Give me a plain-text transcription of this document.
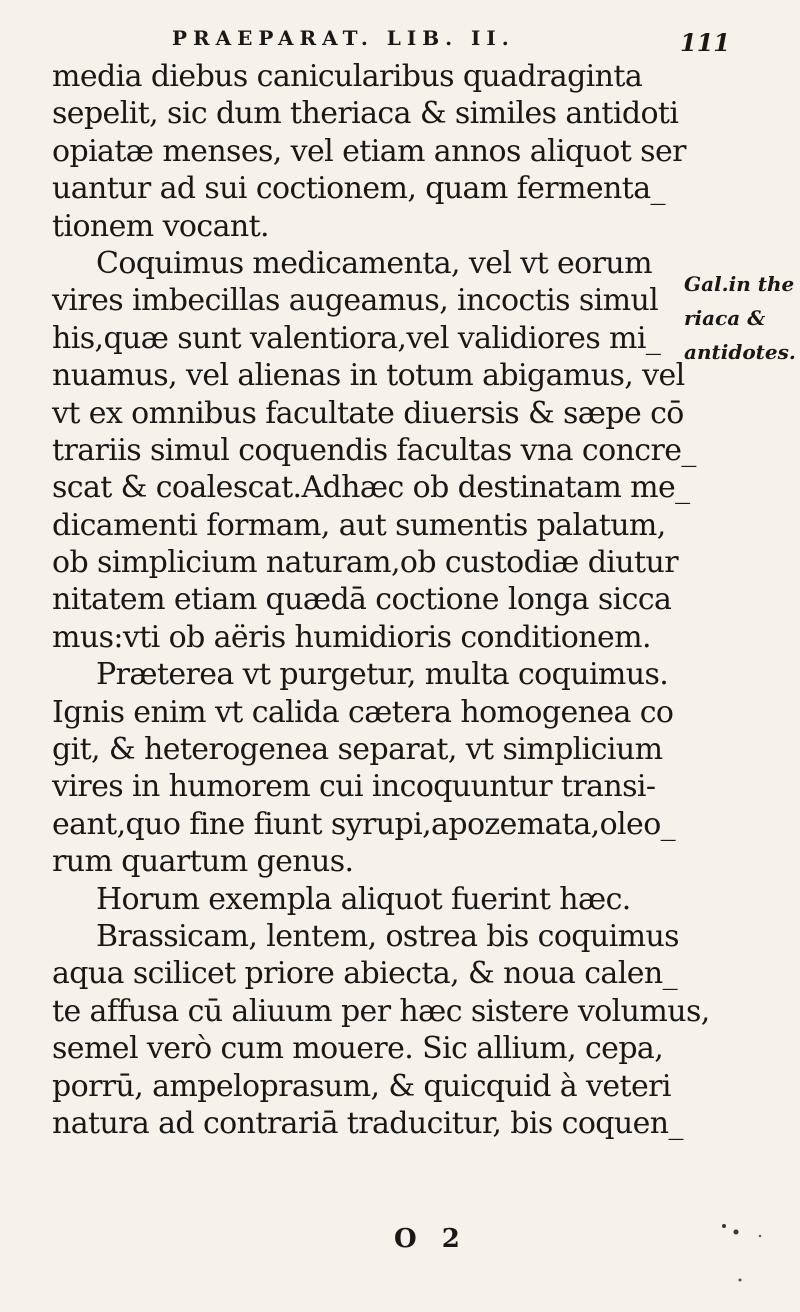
PRAEPARAT. LIB. II.	111
media diebus canicularibus quadraginta
sepelit, sic dum theriaca & similes antidoti
opiatæ menses, vel etiam annos aliquot ser
uantur ad sui coctionem, quam fermenta_
tionem vocant.
Coquimus medicamenta, vel vt eorum
vires imbecillas augeamus, incoctis simul
his,quæ sunt valentiora,vel validiores mi_
nuamus, vel alienas in totum abigamus, vel
vt ex omnibus facultate diuersis & sæpe cō
trariis simul coquendis facultas vna concre_
scat & coalescat.Adhæc ob destinatam me_
dicamenti formam, aut sumentis palatum,
ob simplicium naturam,ob custodiæ diutur
nitatem etiam quædā coctione longa sicca
mus:vti ob aëris humidioris conditionem.
Præterea vt purgetur, multa coquimus.
Ignis enim vt calida cætera homogenea co
git, & heterogenea separat, vt simplicium
vires in humorem cui incoquuntur transi-
eant,quo fine fiunt syrupi,apozemata,oleo_
rum quartum genus.
Horum exempla aliquot fuerint hæc.
Brassicam, lentem, ostrea bis coquimus
aqua scilicet priore abiecta, & noua calen_
te affusa cū aliuum per hæc sistere volumus,
semel verò cum mouere. Sic allium, cepa,
porrū, ampeloprasum, & quicquid à veteri
natura ad contrariā traducitur, bis coquen_
Gal.in the
riaca &
antidotes.
O 2
